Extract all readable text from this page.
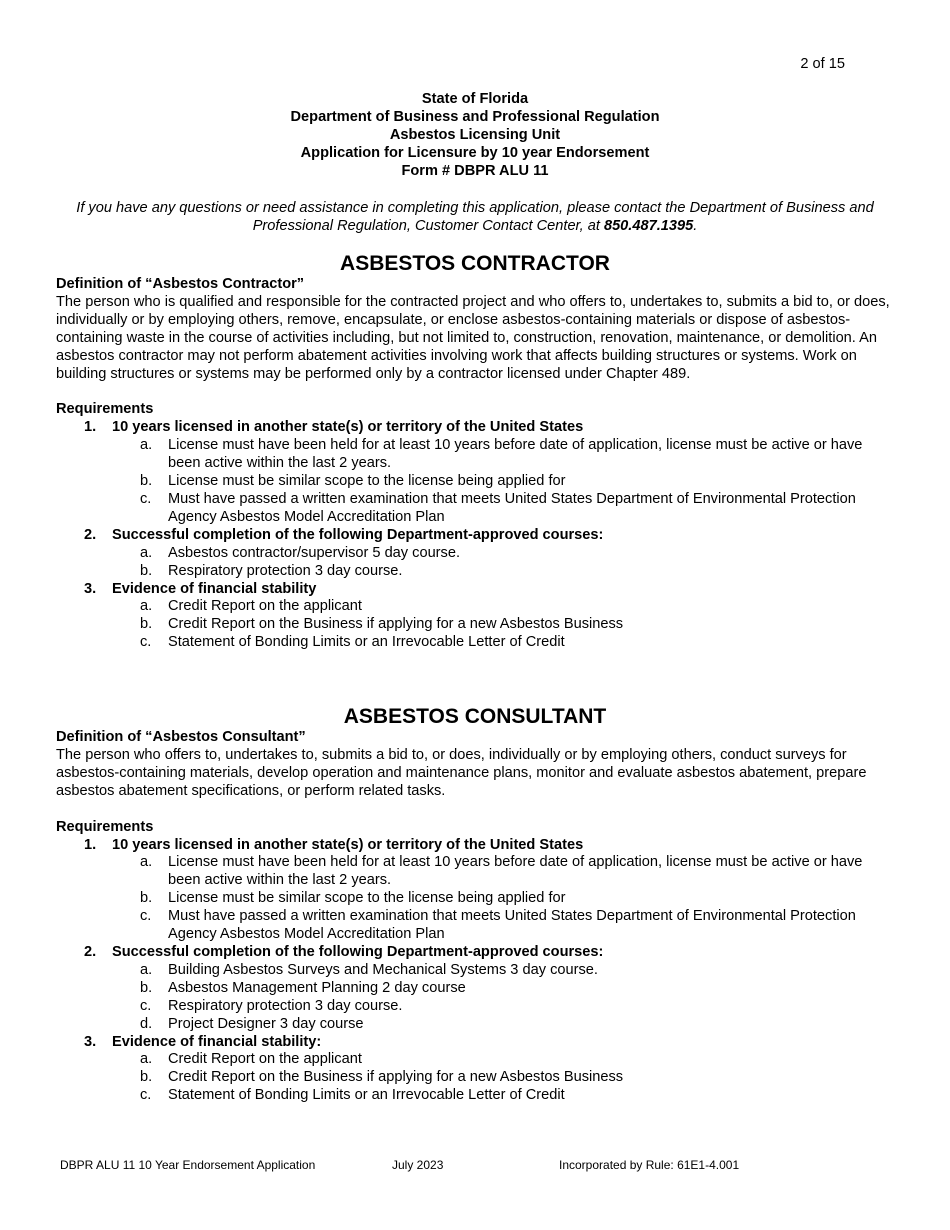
2 of 15
State of Florida
Department of Business and Professional Regulation
Asbestos Licensing Unit
Application for Licensure by 10 year Endorsement
Form # DBPR ALU 11
If you have any questions or need assistance in completing this application, please contact the Department of Business and Professional Regulation, Customer Contact Center, at 850.487.1395.
ASBESTOS CONTRACTOR
Definition of “Asbestos Contractor”

The person who is qualified and responsible for the contracted project and who offers to, undertakes to, submits a bid to, or does, individually or by employing others, remove, encapsulate, or enclose asbestos-containing materials or dispose of asbestos-containing waste in the course of activities including, but not limited to, construction, renovation, maintenance, or demolition. An asbestos contractor may not perform abatement activities involving work that affects building structures or systems. Work on building structures or systems may be performed only by a contractor licensed under Chapter 489.

Requirements
1. 10 years licensed in another state(s) or territory of the United States
a. License must have been held for at least 10 years before date of application, license must be active or have been active within the last 2 years.
b. License must be similar scope to the license being applied for
c. Must have passed a written examination that meets United States Department of Environmental Protection Agency Asbestos Model Accreditation Plan
2. Successful completion of the following Department-approved courses:
a. Asbestos contractor/supervisor 5 day course.
b. Respiratory protection 3 day course.
3. Evidence of financial stability
a. Credit Report on the applicant
b. Credit Report on the Business if applying for a new Asbestos Business
c. Statement of Bonding Limits or an Irrevocable Letter of Credit
ASBESTOS CONSULTANT
Definition of “Asbestos Consultant”

The person who offers to, undertakes to, submits a bid to, or does, individually or by employing others, conduct surveys for asbestos-containing materials, develop operation and maintenance plans, monitor and evaluate asbestos abatement, prepare asbestos abatement specifications, or perform related tasks.

Requirements
1. 10 years licensed in another state(s) or territory of the United States
a. License must have been held for at least 10 years before date of application, license must be active or have been active within the last 2 years.
b. License must be similar scope to the license being applied for
c. Must have passed a written examination that meets United States Department of Environmental Protection Agency Asbestos Model Accreditation Plan
2. Successful completion of the following Department-approved courses:
a. Building Asbestos Surveys and Mechanical Systems 3 day course.
b. Asbestos Management Planning 2 day course
c. Respiratory protection 3 day course.
d. Project Designer 3 day course
3. Evidence of financial stability:
a. Credit Report on the applicant
b. Credit Report on the Business if applying for a new Asbestos Business
c. Statement of Bonding Limits or an Irrevocable Letter of Credit
DBPR ALU 11 10 Year Endorsement Application	July 2023	Incorporated by Rule: 61E1-4.001
